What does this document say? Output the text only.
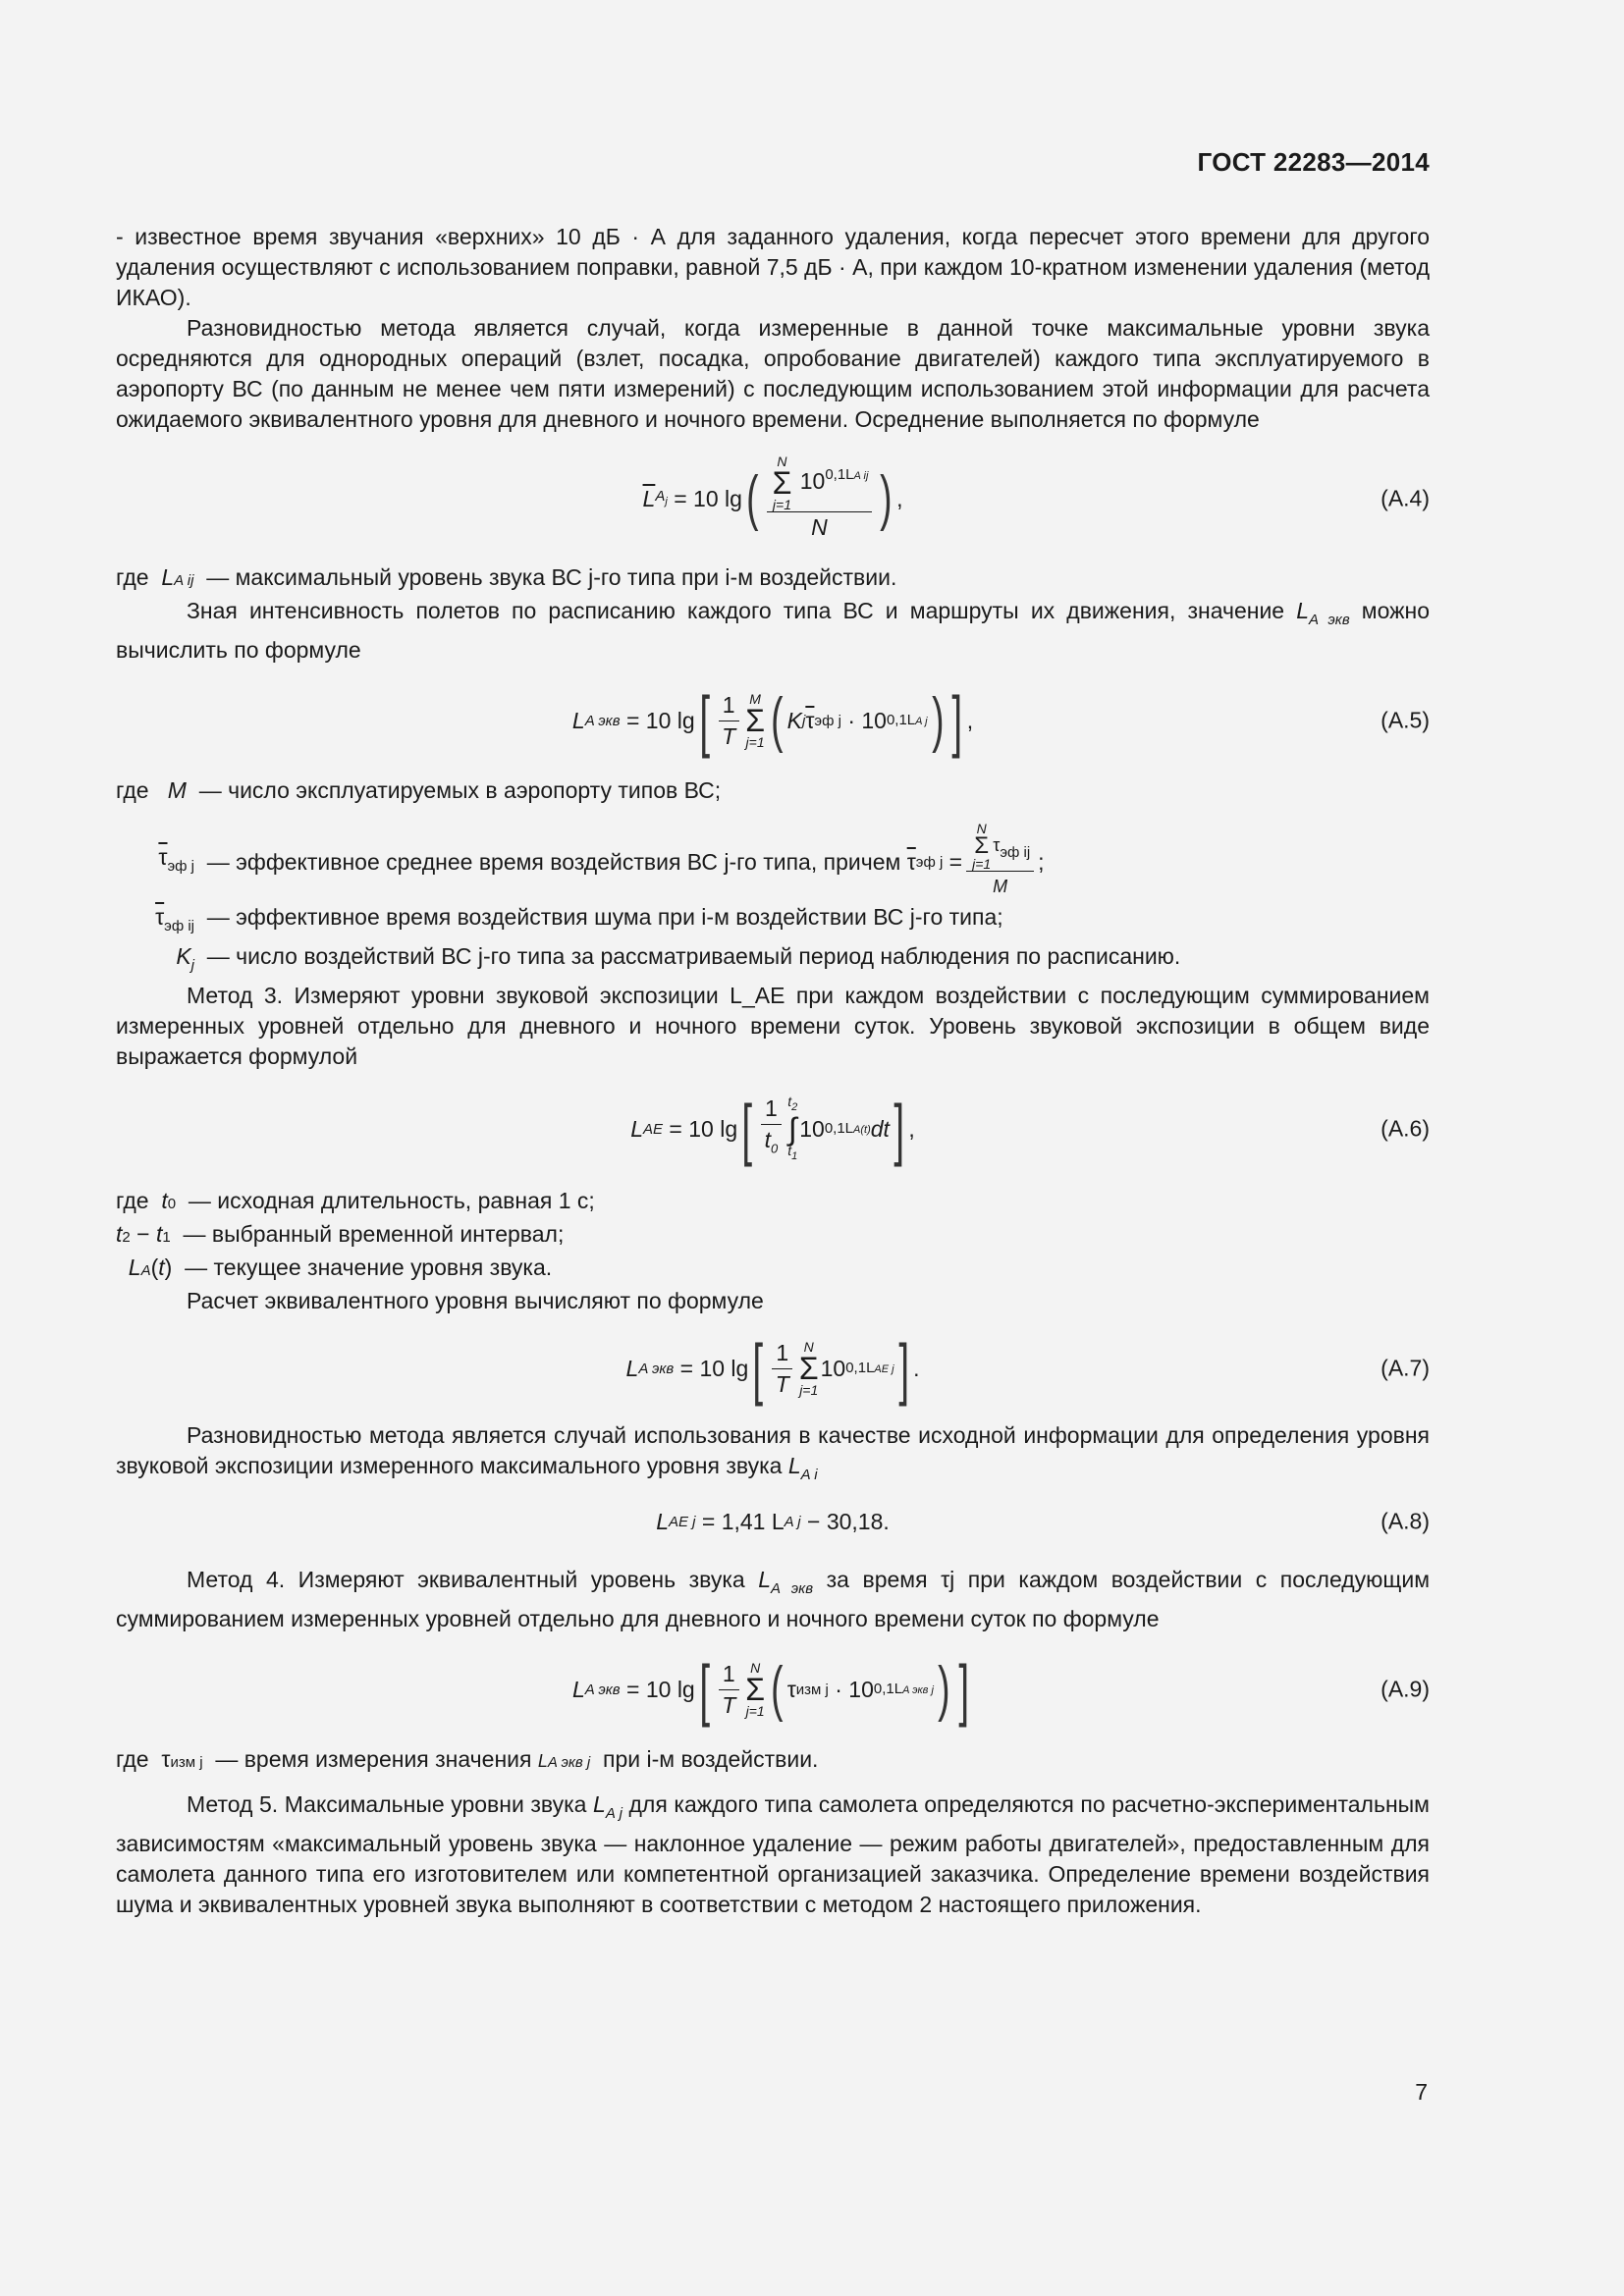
ГОСТ 22283—2014

- известное время звучания «верхних» 10 дБ · А для заданного удаления, когда пересчет этого времени для другого удаления осуществляют с использованием поправки, равной 7,5 дБ · А, при каждом 10-кратном изменении удаления (метод ИКАО).

Разновидностью метода является случай, когда измеренные в данной точке максимальные уровни звука осредняются для однородных операций (взлет, посадка, опробование двигателей) каждого типа эксплуатируемого в аэропорту ВС (по данным не менее чем пяти измерений) с последующим использованием этой информации для расчета ожидаемого эквивалентного уровня для дневного и ночного времени. Осреднение выполняется по формуле

$\overline{L}$ $A_j$
= 10 lg ( N
Σ
j=1
$10^{0,1LA ij}$
N ) ,	(A.4)
где
L A ij
— максимальный уровень звука ВС j-го типа при i-м воздействии.

Зная интенсивность полетов по расписанию каждого типа ВС и маршруты их движения, значение $L_{A экв}$ можно вычислить по формуле

L A экв
= 10 lg [ $\frac{1}{T}$ M
Σ
j=1 ( K j $\overline{\tau}$ эф j
· 10 0,1LA j ) ] ,	(A.5)
где
M
— число эксплуатируемых в аэропорту типов ВС;
$\overline{\tau}_{эф j}$
— эффективное среднее время воздействия ВС j-го типа, причем
$\overline{\tau}$ эф j = N
Σ
j=1
$\tau_{эф ij}$
M ;
$\overline{\tau}_{эф ij}$
— эффективное время воздействия шума при i-м воздействии ВС j-го типа;
$K_j$
— число воздействий ВС j-го типа за рассматриваемый период наблюдения по расписанию.

Метод 3. Измеряют уровни звуковой экспозиции L_AE при каждом воздействии с последующим суммированием измеренных уровней отдельно для дневного и ночного времени суток. Уровень звуковой экспозиции в общем виде выражается формулой

L AE
= 10 lg [ $\frac{1}{t_0} t_2$
∫
$t_1$
10 0,1LA(t) dt ] ,	(A.6)
где
t 0
— исходная длительность, равная 1 с;
t 2 − t 1
— выбранный временной интервал;

L A ( t ) — текущее значение уровня звука.

Расчет эквивалентного уровня вычисляют по формуле

L A экв
= 10 lg [ $\frac{1}{T}$ N
Σ
j=1
10 0,1LAE j ] .	(A.7)

Разновидностью метода является случай использования в качестве исходной информации для определения уровня звуковой экспозиции измеренного максимального уровня звука $L_{A i}$

L AE j
= 1,41 L A j
− 30,18.	(A.8)

Метод 4. Измеряют эквивалентный уровень звука $L_{A экв}$ за время τj при каждом воздействии с последующим суммированием измеренных уровней отдельно для дневного и ночного времени суток по формуле

L A экв
= 10 lg [ $\frac{1}{T}$ N
Σ
j=1 ( τ изм j
· 10 0,1LA экв j ) ]	(A.9)
где τ изм j
— время измерения значения
L A экв j
при i-м воздействии.

Метод 5. Максимальные уровни звука $L_{A j}$ для каждого типа самолета определяются по расчетно-экспериментальным зависимостям «максимальный уровень звука — наклонное удаление — режим работы двигателей», предоставленным для самолета данного типа его изготовителем или компетентной организацией заказчика. Определение времени воздействия шума и эквивалентных уровней звука выполняют в соответствии с методом 2 настоящего приложения.

7
